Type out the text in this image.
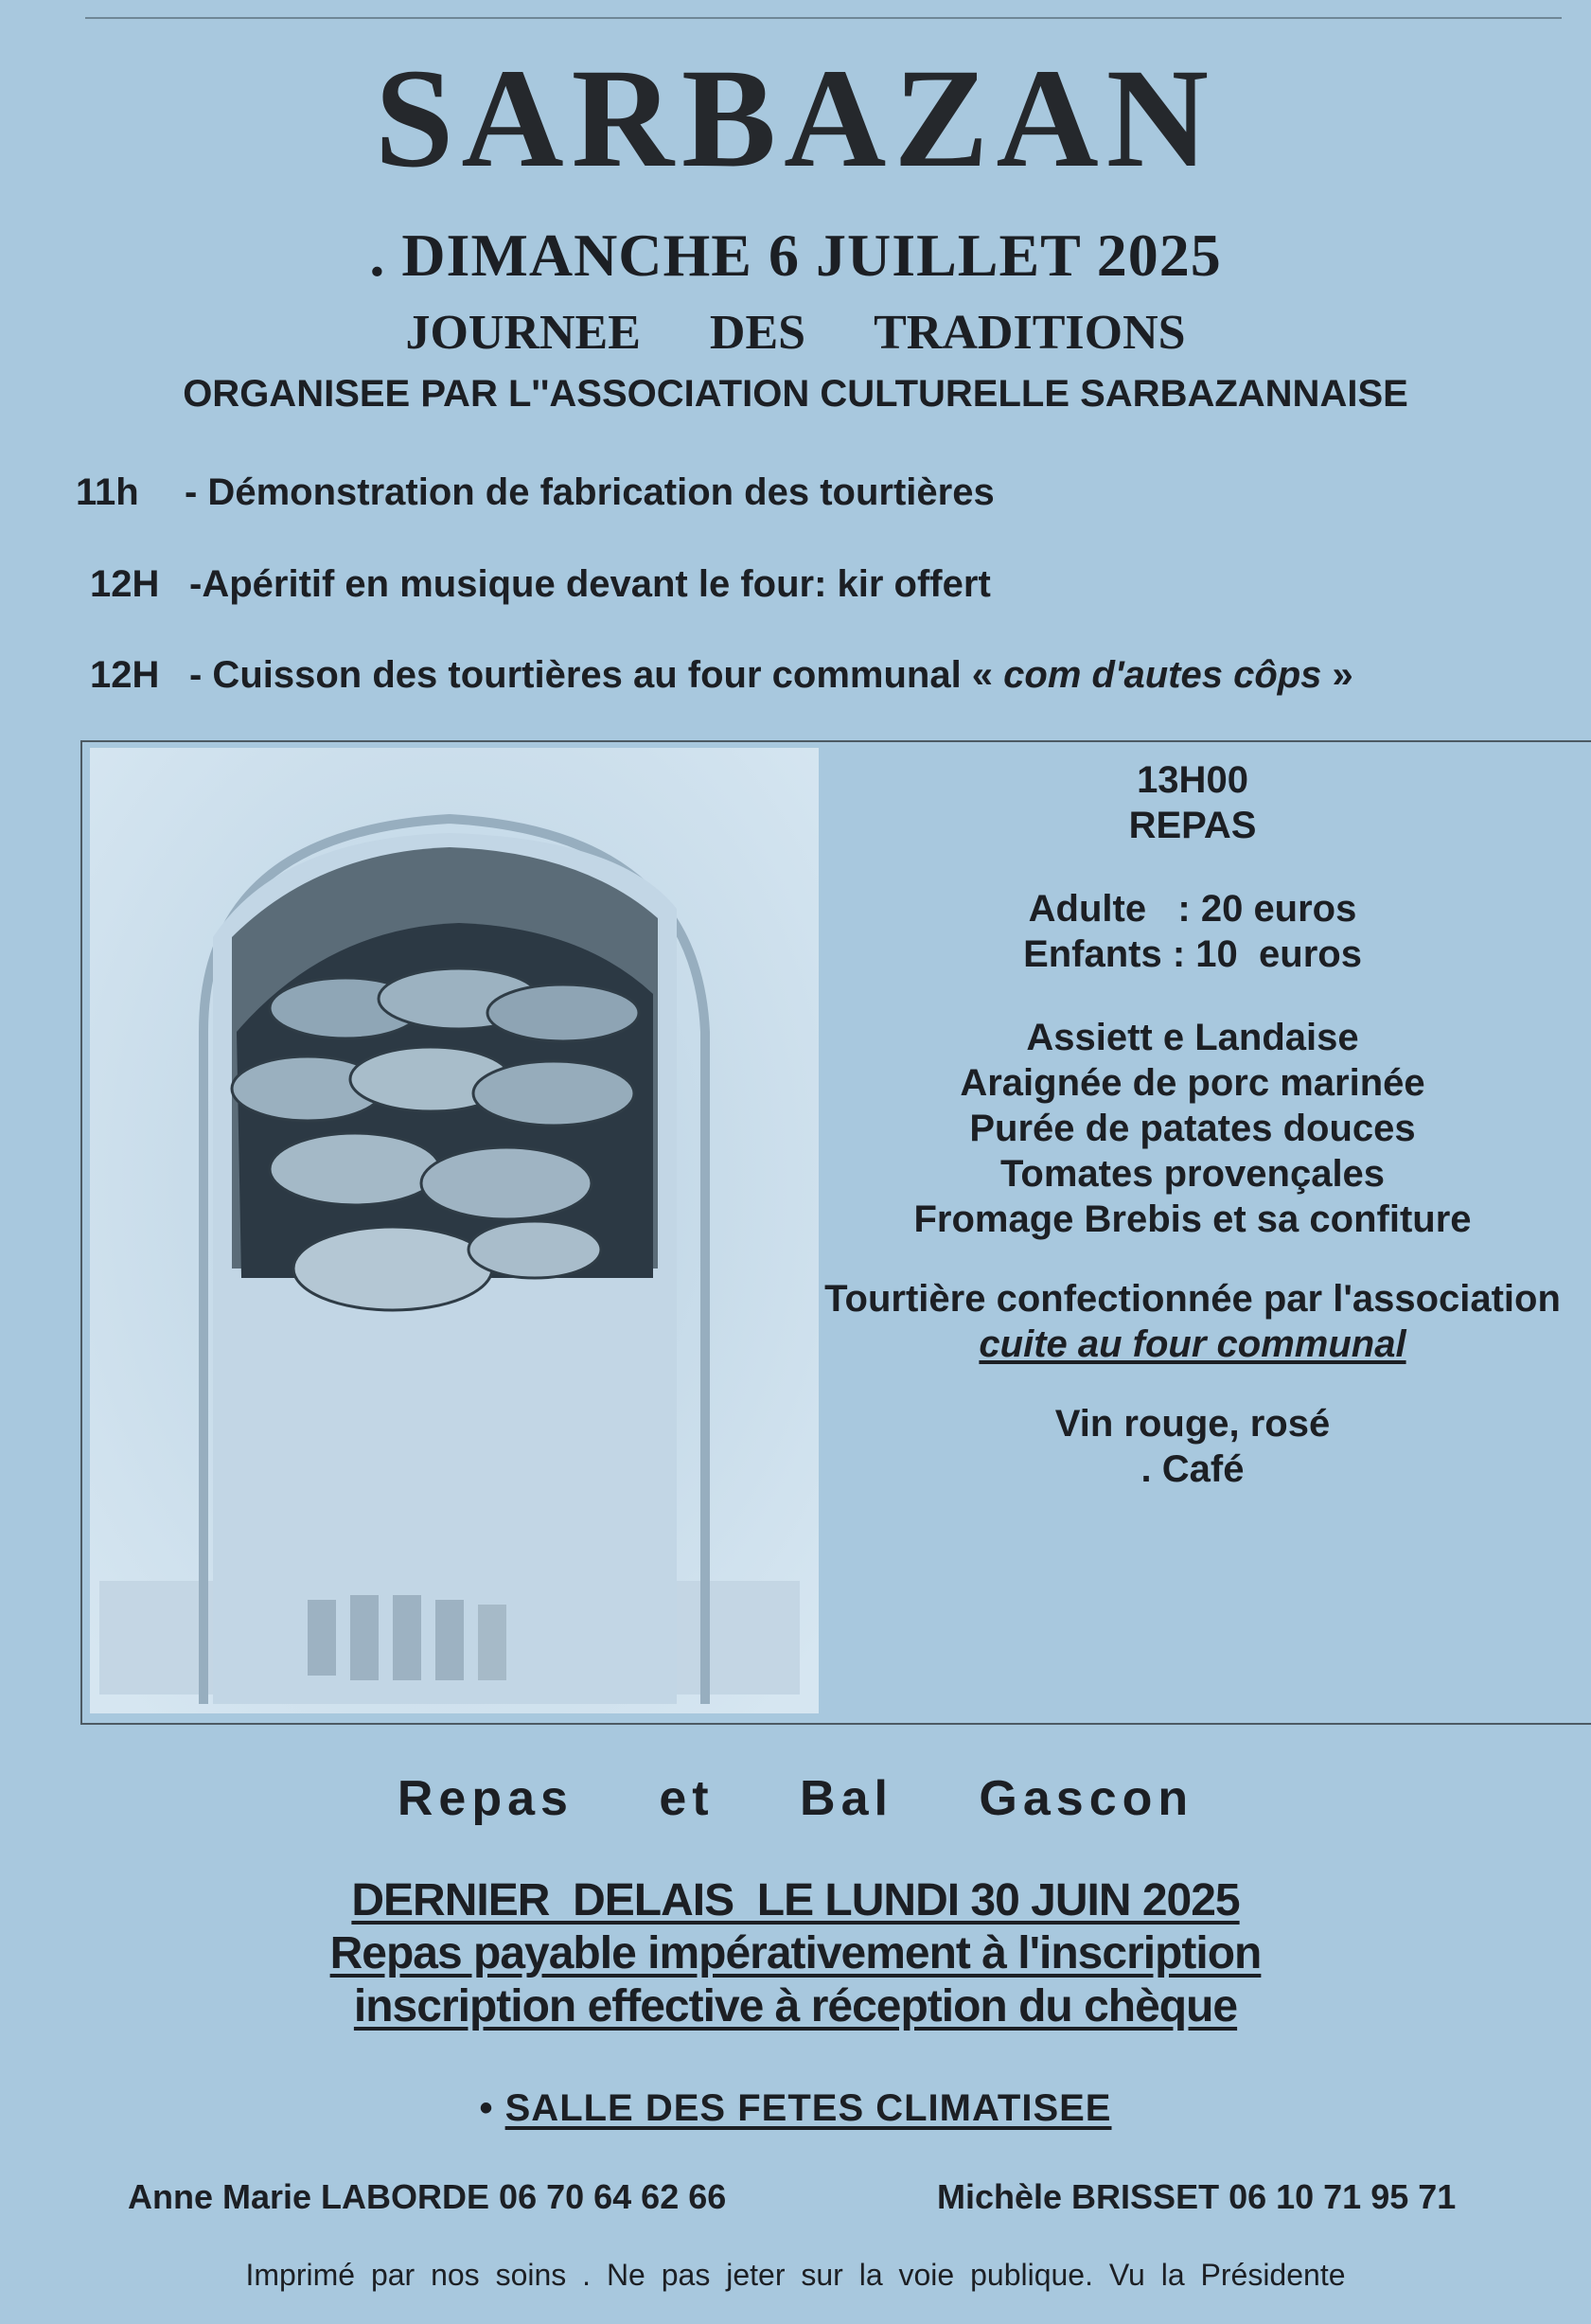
SARBAZAN
. DIMANCHE 6 JUILLET 2025
JOURNEE DES TRADITIONS
ORGANISEE PAR L''ASSOCIATION CULTURELLE SARBAZANNAISE
11h - Démonstration de fabrication des tourtières
12H -Apéritif en musique devant le four: kir offert
12H - Cuisson des tourtières au four communal « com d'autes côps »
13H00
REPAS
Adulte   : 20 euros
Enfants : 10  euros
Assiett e Landaise
Araignée de porc marinée
Purée de patates douces
Tomates provençales
Fromage Brebis et sa confiture
Tourtière confectionnée par l'association
cuite au four communal
Vin rouge, rosé
. Café
Repas et Bal Gascon
DERNIER  DELAIS  LE LUNDI 30 JUIN 2025
Repas payable impérativement à l'inscription
inscription effective à réception du chèque
• SALLE DES FETES CLIMATISEE
Anne Marie LABORDE 06 70 64 62 66	Michèle BRISSET 06 10 71 95 71
Imprimé par nos soins . Ne pas jeter sur la voie publique. Vu la Présidente
